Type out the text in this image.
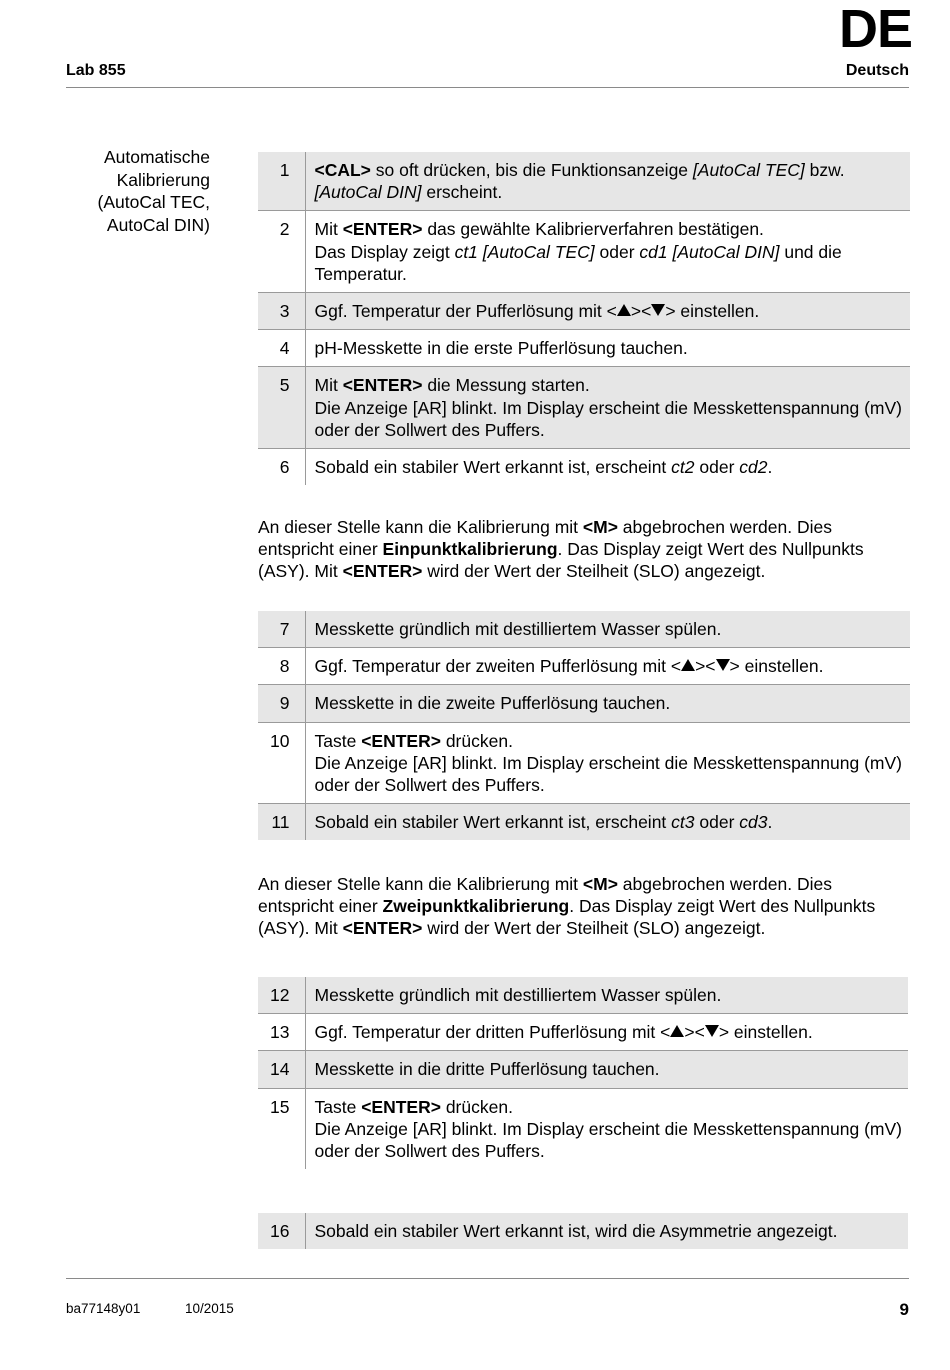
DE
Lab 855	Deutsch
Automatische
Kalibrierung
(AutoCal TEC,
AutoCal DIN)
1	<CAL> so oft drücken, bis die Funktionsanzeige [AutoCal TEC] bzw. [AutoCal DIN] erscheint.
2	Mit <ENTER> das gewählte Kalibrierverfahren bestätigen.
Das Display zeigt ct1 [AutoCal TEC] oder cd1 [AutoCal DIN] und die Temperatur.
3	Ggf. Temperatur der Pufferlösung mit < >< > einstellen.
4	pH-Messkette in die erste Pufferlösung tauchen.
5	Mit <ENTER> die Messung starten.
Die Anzeige [AR] blinkt. Im Display erscheint die Messkettenspannung (mV) oder der Sollwert des Puffers.
6	Sobald ein stabiler Wert erkannt ist, erscheint ct2 oder cd2.

An dieser Stelle kann die Kalibrierung mit <M> abgebrochen werden. Dies entspricht einer Einpunktkalibrierung. Das Display zeigt Wert des Nullpunkts (ASY). Mit <ENTER> wird der Wert der Steilheit (SLO) angezeigt.

7	Messkette gründlich mit destilliertem Wasser spülen.
8	Ggf. Temperatur der zweiten Pufferlösung mit < >< > einstellen.
9	Messkette in die zweite Pufferlösung tauchen.
10	Taste <ENTER> drücken.
Die Anzeige [AR] blinkt. Im Display erscheint die Messkettenspannung (mV) oder der Sollwert des Puffers.
11	Sobald ein stabiler Wert erkannt ist, erscheint ct3 oder cd3.

An dieser Stelle kann die Kalibrierung mit <M> abgebrochen werden. Dies entspricht einer Zweipunktkalibrierung. Das Display zeigt Wert des Nullpunkts (ASY). Mit <ENTER> wird der Wert der Steilheit (SLO) angezeigt.

12	Messkette gründlich mit destilliertem Wasser spülen.
13	Ggf. Temperatur der dritten Pufferlösung mit < >< > einstellen.
14	Messkette in die dritte Pufferlösung tauchen.
15	Taste <ENTER> drücken.
Die Anzeige [AR] blinkt. Im Display erscheint die Messkettenspannung (mV) oder der Sollwert des Puffers.
16	Sobald ein stabiler Wert erkannt ist, wird die Asymmetrie angezeigt.
ba77148y01	10/2015	9
